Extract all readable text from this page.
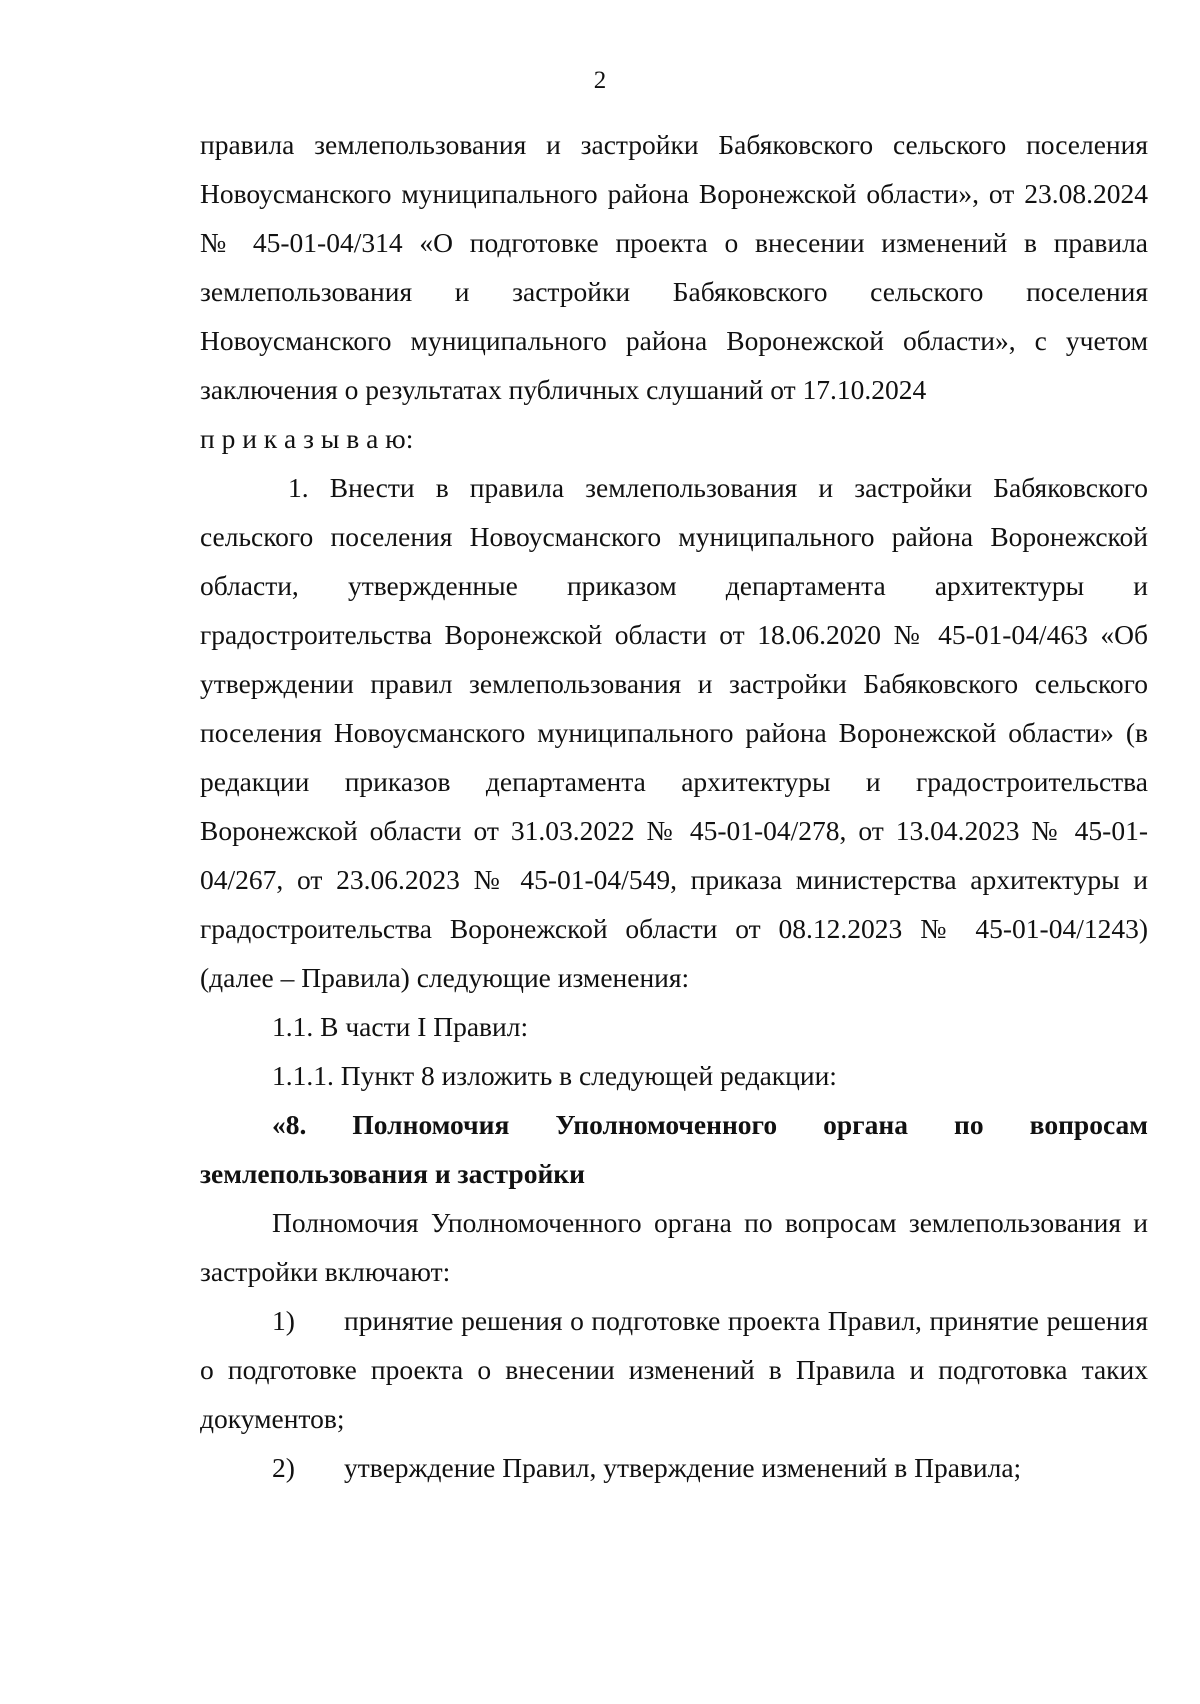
2

правила землепользования и застройки Бабяковского сельского поселения Новоусманского муниципального района Воронежской области», от 23.08.2024 № 45-01-04/314 «О подготовке проекта о внесении изменений в правила землепользования и застройки Бабяковского сельского поселения Новоусманского муниципального района Воронежской области», с учетом заключения о результатах публичных слушаний от 17.10.2024

п р и к а з ы в а ю:

1. Внести в правила землепользования и застройки Бабяковского сельского поселения Новоусманского муниципального района Воронежской области, утвержденные приказом департамента архитектуры и градостроительства Воронежской области от 18.06.2020 № 45-01-04/463 «Об утверждении правил землепользования и застройки Бабяковского сельского поселения Новоусманского муниципального района Воронежской области» (в редакции приказов департамента архитектуры и градостроительства Воронежской области от 31.03.2022 № 45-01-04/278, от 13.04.2023 № 45-01-04/267, от 23.06.2023 № 45-01-04/549, приказа министерства архитектуры и градостроительства Воронежской области от 08.12.2023 № 45-01-04/1243) (далее – Правила) следующие изменения:

1.1. В части I Правил:

1.1.1. Пункт 8 изложить в следующей редакции:

«8. Полномочия Уполномоченного органа по вопросам землепользования и застройки

Полномочия Уполномоченного органа по вопросам землепользования и застройки включают:

1) принятие решения о подготовке проекта Правил, принятие решения о подготовке проекта о внесении изменений в Правила и подготовка таких документов;

2) утверждение Правил, утверждение изменений в Правила;
